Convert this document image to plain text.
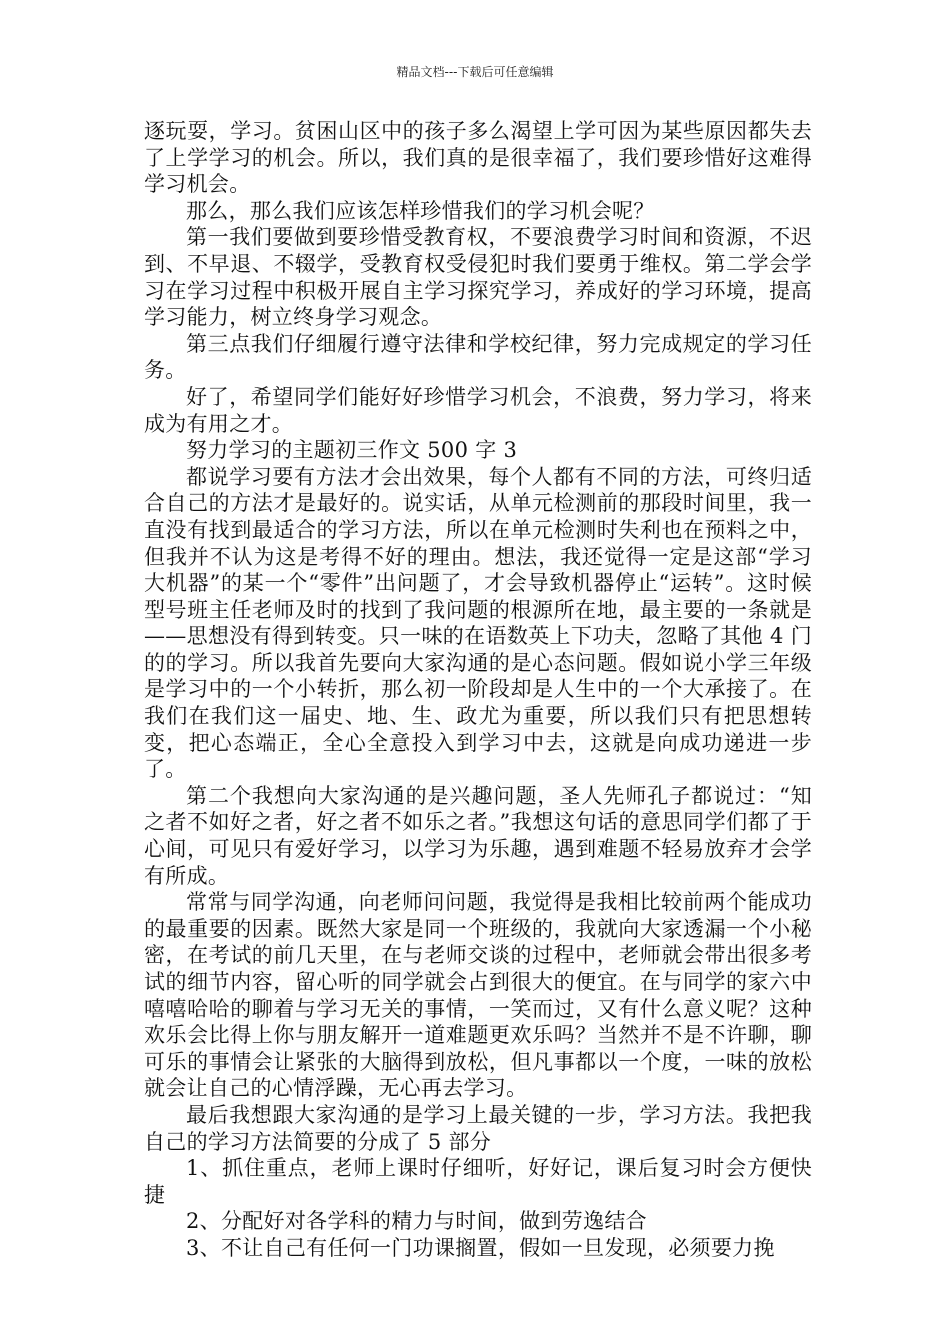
精品文档---下载后可任意编辑

逐玩耍，学习。贫困山区中的孩子多么渴望上学可因为某些原因都失去了上学学习的机会。所以，我们真的是很幸福了，我们要珍惜好这难得学习机会。

那么，那么我们应该怎样珍惜我们的学习机会呢？

第一我们要做到要珍惜受教育权，不要浪费学习时间和资源，不迟到、不早退、不辍学，受教育权受侵犯时我们要勇于维权。第二学会学习在学习过程中积极开展自主学习探究学习，养成好的学习环境，提高学习能力，树立终身学习观念。

第三点我们仔细履行遵守法律和学校纪律，努力完成规定的学习任务。

好了，希望同学们能好好珍惜学习机会，不浪费，努力学习，将来成为有用之才。

努力学习的主题初三作文 500 字 3

都说学习要有方法才会出效果，每个人都有不同的方法，可终归适合自己的方法才是最好的。说实话，从单元检测前的那段时间里，我一直没有找到最适合的学习方法，所以在单元检测时失利也在预料之中，但我并不认为这是考得不好的理由。想法，我还觉得一定是这部“学习大机器”的某一个“零件”出问题了，才会导致机器停止“运转”。这时候型号班主任老师及时的找到了我问题的根源所在地，最主要的一条就是——思想没有得到转变。只一味的在语数英上下功夫，忽略了其他 4 门的的学习。所以我首先要向大家沟通的是心态问题。假如说小学三年级是学习中的一个小转折，那么初一阶段却是人生中的一个大承接了。在我们在我们这一届史、地、生、政尤为重要，所以我们只有把思想转变，把心态端正，全心全意投入到学习中去，这就是向成功递进一步了。

第二个我想向大家沟通的是兴趣问题，圣人先师孔子都说过：“知之者不如好之者，好之者不如乐之者。”我想这句话的意思同学们都了于心间，可见只有爱好学习，以学习为乐趣，遇到难题不轻易放弃才会学有所成。

常常与同学沟通，向老师问问题，我觉得是我相比较前两个能成功的最重要的因素。既然大家是同一个班级的，我就向大家透漏一个小秘密，在考试的前几天里，在与老师交谈的过程中，老师就会带出很多考试的细节内容，留心听的同学就会占到很大的便宜。在与同学的家六中嘻嘻哈哈的聊着与学习无关的事情，一笑而过，又有什么意义呢？这种欢乐会比得上你与朋友解开一道难题更欢乐吗？当然并不是不许聊，聊可乐的事情会让紧张的大脑得到放松，但凡事都以一个度，一味的放松就会让自己的心情浮躁，无心再去学习。

最后我想跟大家沟通的是学习上最关键的一步，学习方法。我把我自己的学习方法简要的分成了 5 部分

1、抓住重点，老师上课时仔细听，好好记，课后复习时会方便快捷

2、分配好对各学科的精力与时间，做到劳逸结合

3、不让自己有任何一门功课搁置，假如一旦发现，必须要力挽
